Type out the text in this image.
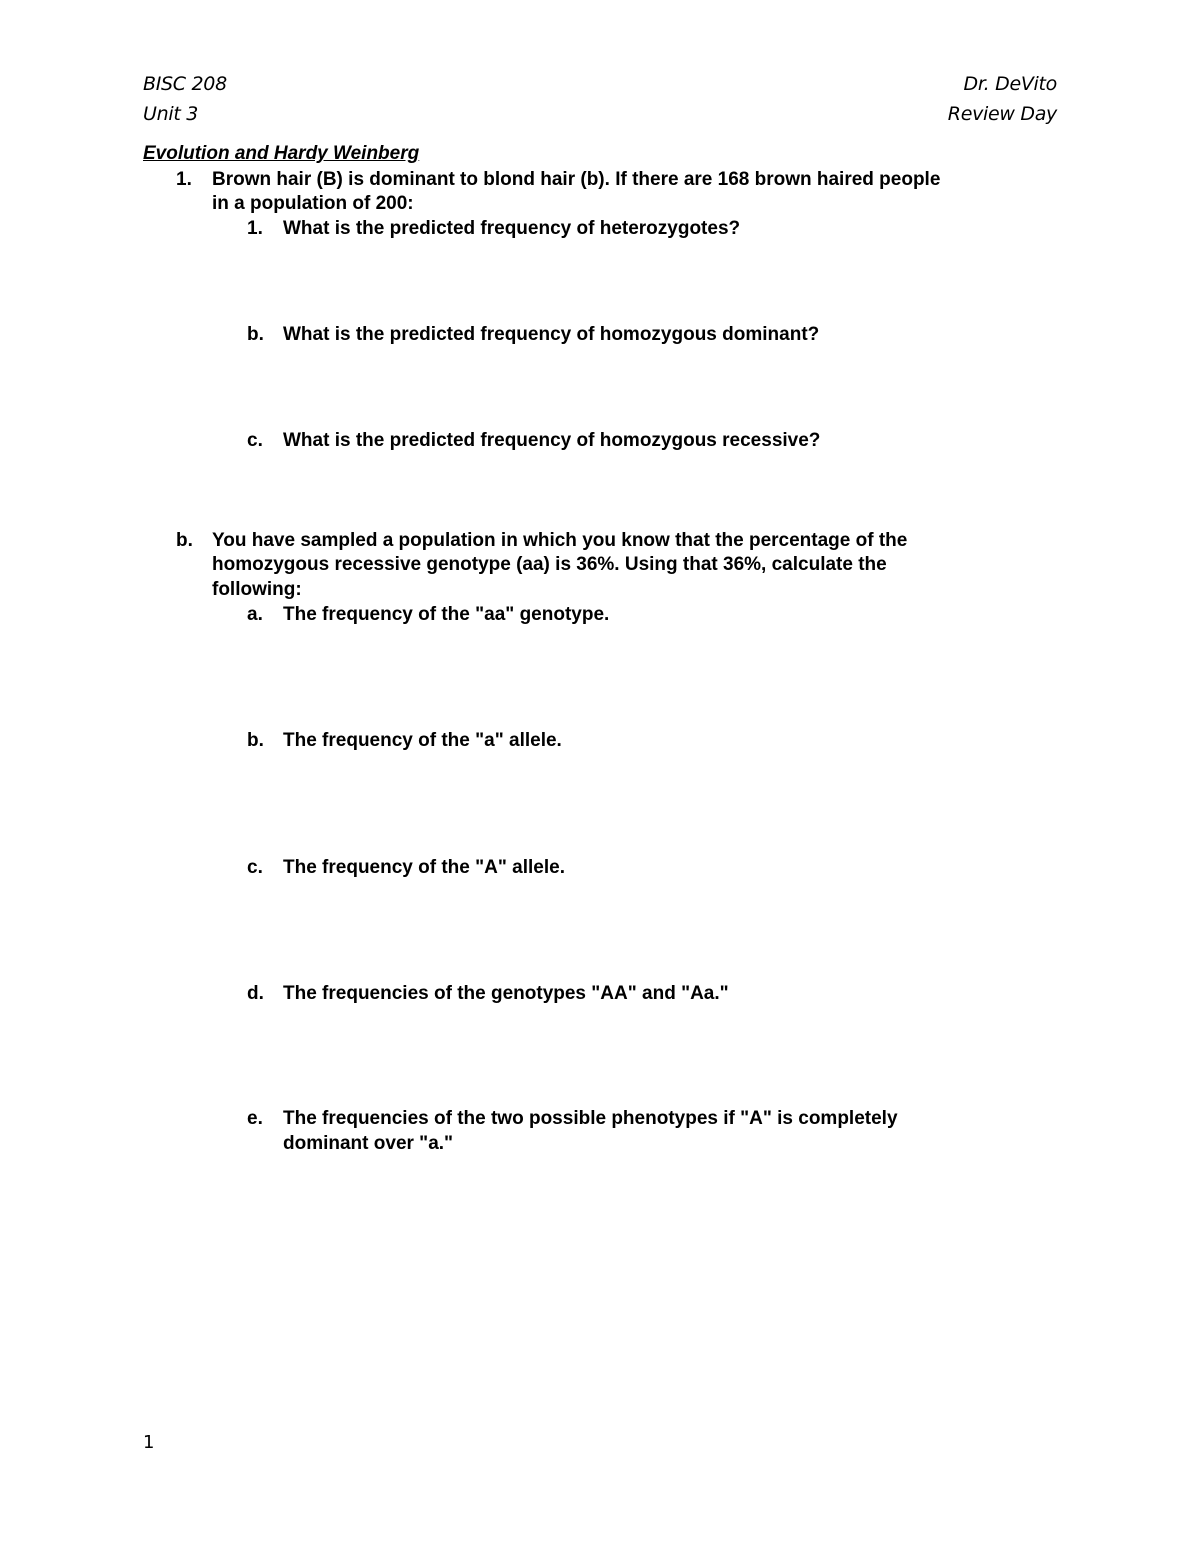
BISC 208
Unit 3
Dr. DeVito
Review Day
Evolution and Hardy Weinberg
1. Brown hair (B) is dominant to blond hair (b). If there are 168 brown haired people
in a population of 200:
1. What is the predicted frequency of heterozygotes?
b. What is the predicted frequency of homozygous dominant?
c. What is the predicted frequency of homozygous recessive?
b. You have sampled a population in which you know that the percentage of the
homozygous recessive genotype (aa) is 36%. Using that 36%, calculate the
following:
a. The frequency of the "aa" genotype.
b. The frequency of the "a" allele.
c. The frequency of the "A" allele.
d. The frequencies of the genotypes "AA" and "Aa."
e. The frequencies of the two possible phenotypes if "A" is completely
dominant over "a."
1
